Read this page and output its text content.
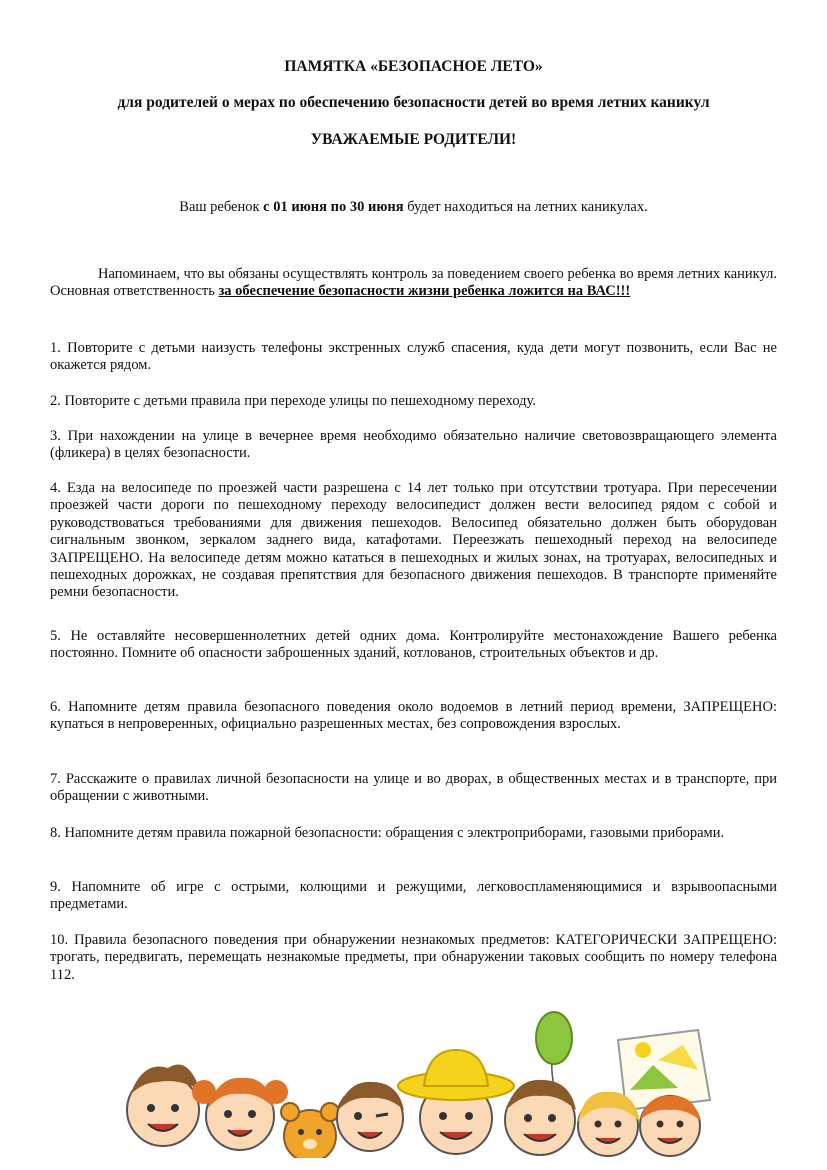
ПАМЯТКА «БЕЗОПАСНОЕ ЛЕТО»
для родителей о мерах по обеспечению безопасности детей во время летних каникул
УВАЖАЕМЫЕ РОДИТЕЛИ!
Ваш ребенок с 01 июня по 30 июня будет находиться на летних каникулах.
Напоминаем, что вы обязаны осуществлять контроль за поведением своего ребенка во время летних каникул. Основная ответственность за обеспечение безопасности жизни ребенка ложится на ВАС!!!
1. Повторите с детьми наизусть телефоны экстренных служб спасения, куда дети могут позвонить, если Вас не окажется рядом.
2. Повторите с детьми правила при переходе улицы по пешеходному переходу.
3. При нахождении на улице в вечернее время необходимо обязательно наличие световозвращающего элемента (фликера) в целях безопасности.
4. Езда на велосипеде по проезжей части разрешена с 14 лет только при отсутствии тротуара. При пересечении проезжей части дороги по пешеходному переходу велосипедист должен вести велосипед рядом с собой и руководствоваться требованиями для движения пешеходов. Велосипед обязательно должен быть оборудован сигнальным звонком, зеркалом заднего вида, катафотами. Переезжать пешеходный переход на велосипеде ЗАПРЕЩЕНО. На велосипеде детям можно кататься в пешеходных и жилых зонах, на тротуарах, велосипедных и пешеходных дорожках, не создавая препятствия для безопасного движения пешеходов. В транспорте применяйте ремни безопасности.
5. Не оставляйте несовершеннолетних детей одних дома. Контролируйте местонахождение Вашего ребенка постоянно. Помните об опасности заброшенных зданий, котлованов, строительных объектов и др.
6. Напомните детям правила безопасного поведения около водоемов в летний период времени, ЗАПРЕЩЕНО: купаться в непроверенных, официально разрешенных местах, без сопровождения взрослых.
7. Расскажите о правилах личной безопасности на улице и во дворах, в общественных местах и в транспорте, при обращении с животными.
8. Напомните детям правила пожарной безопасности: обращения с электроприборами, газовыми приборами.
9. Напомните об игре с острыми, колющими и режущими, легковоспламеняющимися и взрывоопасными предметами.
10. Правила безопасного поведения при обнаружении незнакомых предметов: КАТЕГОРИЧЕСКИ ЗАПРЕЩЕНО: трогать, передвигать, перемещать незнакомые предметы, при обнаружении таковых сообщить по номеру телефона 112.
